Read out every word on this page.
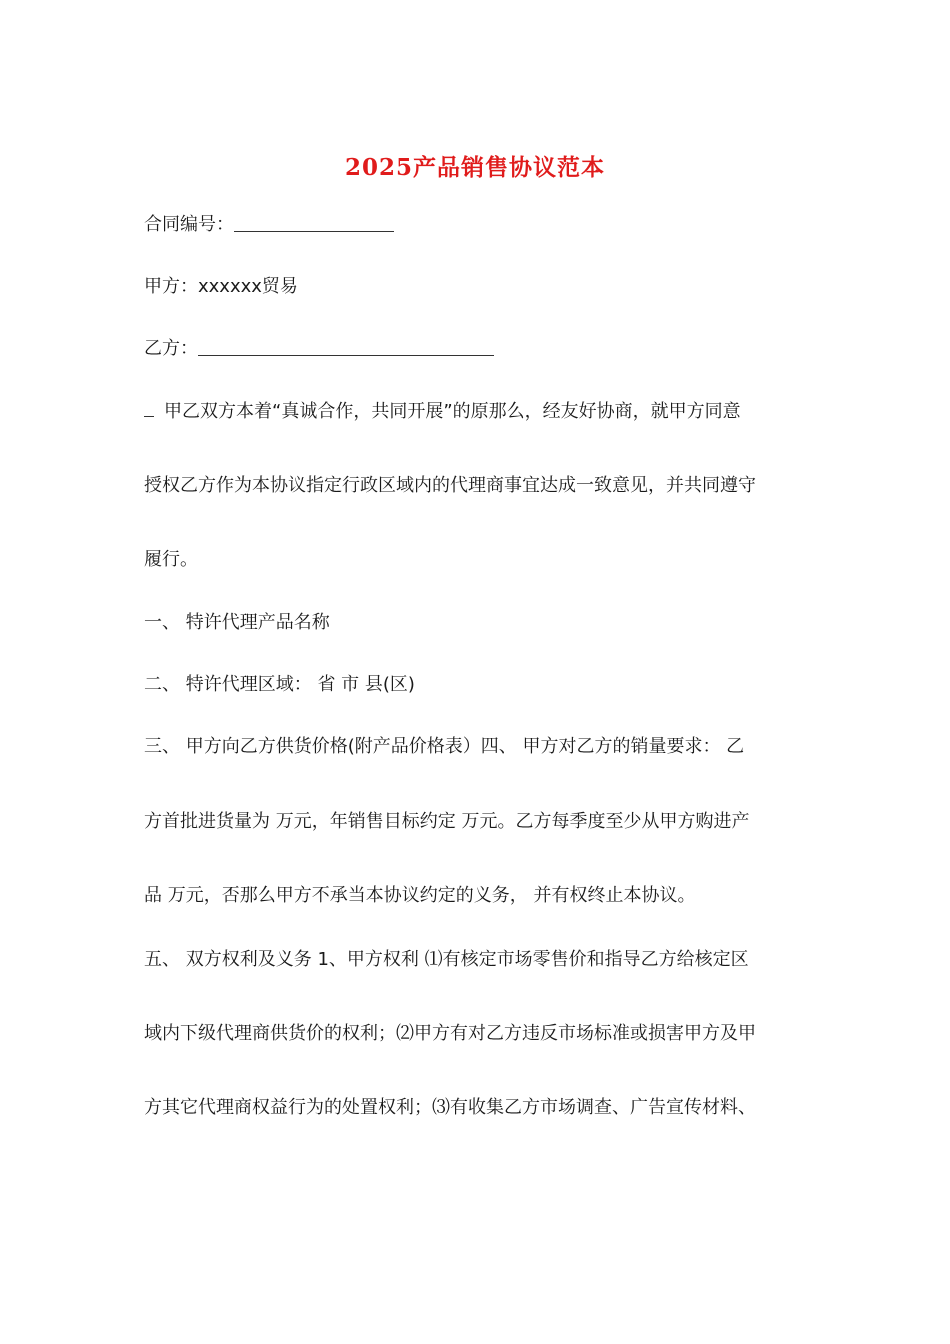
2025产品销售协议范本
合同编号：
甲方：xxxxxx贸易
乙方：
甲乙双方本着“真诚合作，共同开展”的原那么，经友好协商，就甲方同意
授权乙方作为本协议指定行政区域内的代理商事宜达成一致意见，并共同遵守
履行。
一、 特许代理产品名称
二、 特许代理区域： 省 市 县(区)
三、 甲方向乙方供货价格(附产品价格表）四、 甲方对乙方的销量要求： 乙
方首批进货量为 万元，年销售目标约定 万元。乙方每季度至少从甲方购进产
品 万元，否那么甲方不承当本协议约定的义务， 并有权终止本协议。
五、 双方权利及义务 1、甲方权利 ⑴有核定市场零售价和指导乙方给核定区
域内下级代理商供货价的权利；⑵甲方有对乙方违反市场标准或损害甲方及甲
方其它代理商权益行为的处置权利；⑶有收集乙方市场调查、广告宣传材料、
